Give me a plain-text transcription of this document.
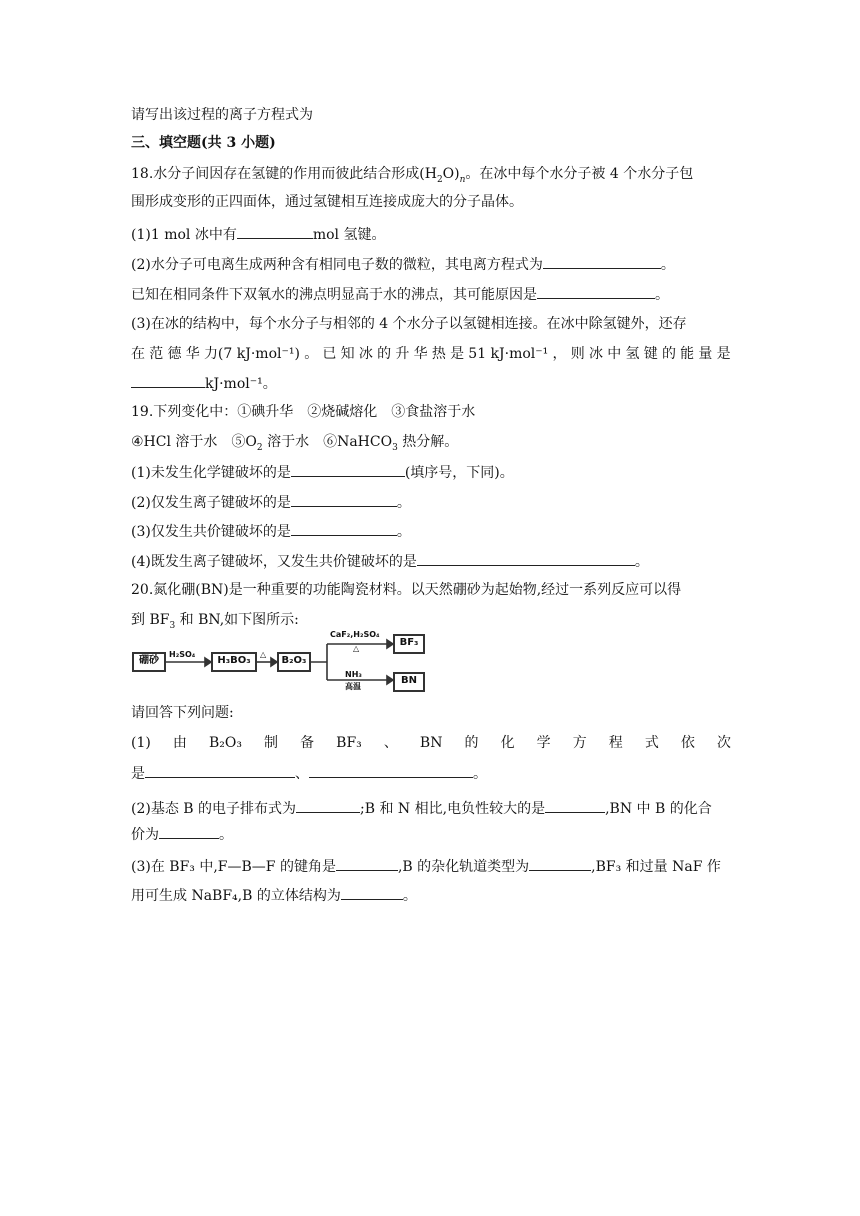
请写出该过程的离子方程式为
三、填空题(共 3 小题)
18.水分子间因存在氢键的作用而彼此结合形成$(H_2O)_n$。在冰中每个水分子被 4 个水分子包
围形成变形的正四面体，通过氢键相互连接成庞大的分子晶体。
(1)1 mol 冰中有	mol 氢键。
(2)水分子可电离生成两种含有相同电子数的微粒，其电离方程式为	。
已知在相同条件下双氧水的沸点明显高于水的沸点，其可能原因是	。
(3)在冰的结构中，每个水分子与相邻的 4 个水分子以氢键相连接。在冰中除氢键外，还存
在 范 德 华 力(7 kJ·mol⁻¹) 。 已 知 冰 的 升 华 热 是 51 kJ·mol⁻¹ ， 则 冰 中 氢 键 的 能 量 是
kJ·mol⁻¹。
19.下列变化中：①碘升华　②烧碱熔化　③食盐溶于水
④HCl 溶于水　$⑤O_2$ 溶于水　⑥NaHCO$_3$ 热分解。
(1)未发生化学键破坏的是	(填序号，下同)。
(2)仅发生离子键破坏的是	。
(3)仅发生共价键破坏的是	。
(4)既发生离子键破坏，又发生共价键破坏的是	。
20.氮化硼(BN)是一种重要的功能陶瓷材料。以天然硼砂为起始物,经过一系列反应可以得
到 $BF_3$ 和 BN,如下图所示:
硼砂
H₂SO₄
H₃BO₃
△
B₂O₃
CaF₂,H₂SO₄
△
BF₃
NH₃
高温
BN
请回答下列问题:
(1) 由 B₂O₃ 制 备 BF₃ 、 BN 的 化 学 方 程 式 依 次
是	、	。
(2)基态 B 的电子排布式为	;B 和 N 相比,电负性较大的是	,BN 中 B 的化合
价为	。
(3)在 BF₃ 中,F—B—F 的键角是	,B 的杂化轨道类型为	,BF₃ 和过量 NaF 作
用可生成 NaBF₄,B 的立体结构为	。
